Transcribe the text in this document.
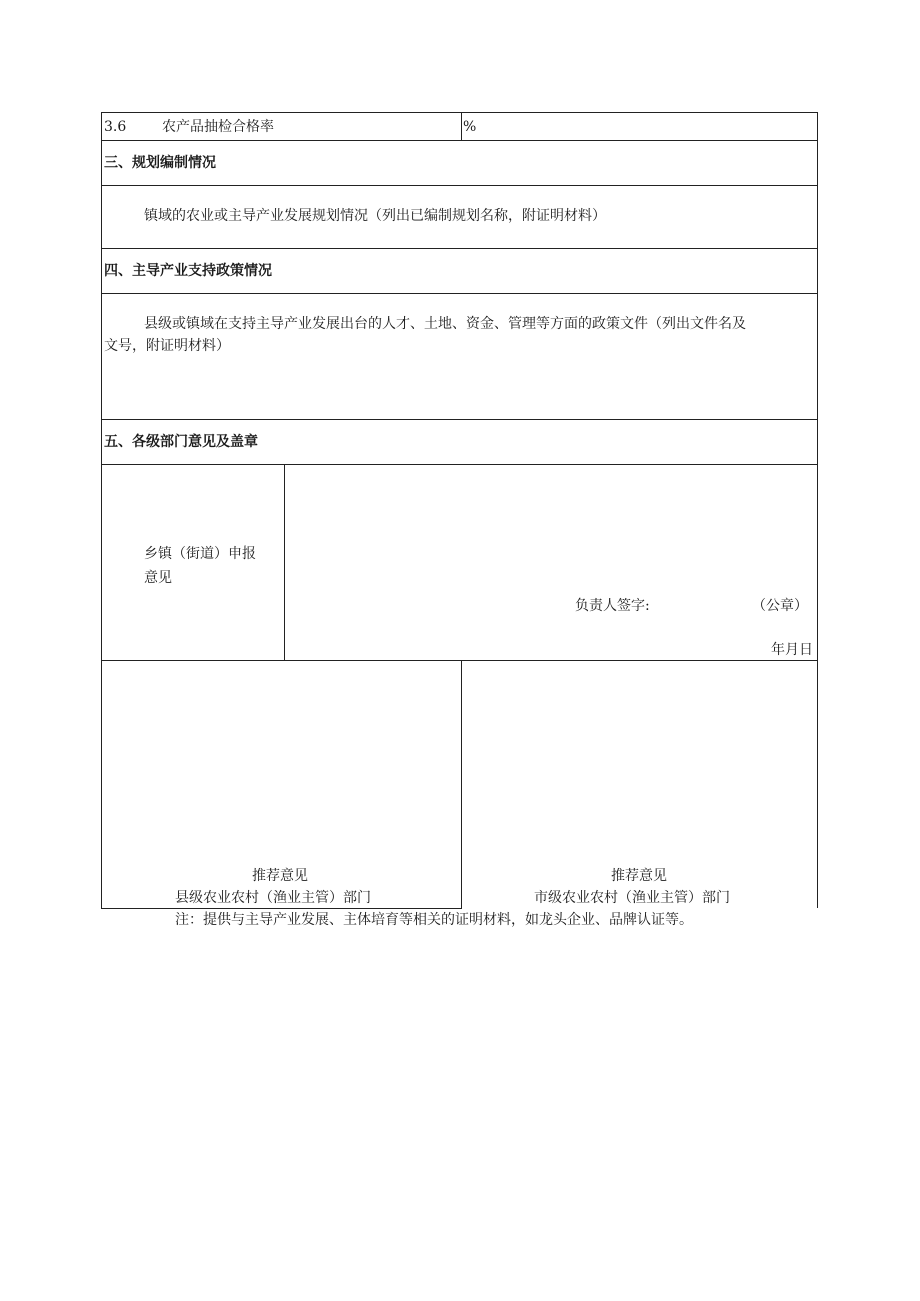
3.6	农产品抽检合格率	%
三、规划编制情况
镇域的农业或主导产业发展规划情况（列出已编制规划名称，附证明材料）
四、主导产业支持政策情况
县级或镇域在支持主导产业发展出台的人才、土地、资金、管理等方面的政策文件（列出文件名及
文号，附证明材料）
五、各级部门意见及盖章
乡镇（街道）申报
意见
负责人签字:	（公章）
年月日
推荐意见
县级农业农村（渔业主管）部门
推荐意见
市级农业农村（渔业主管）部门
注：提供与主导产业发展、主体培育等相关的证明材料，如龙头企业、品牌认证等。
